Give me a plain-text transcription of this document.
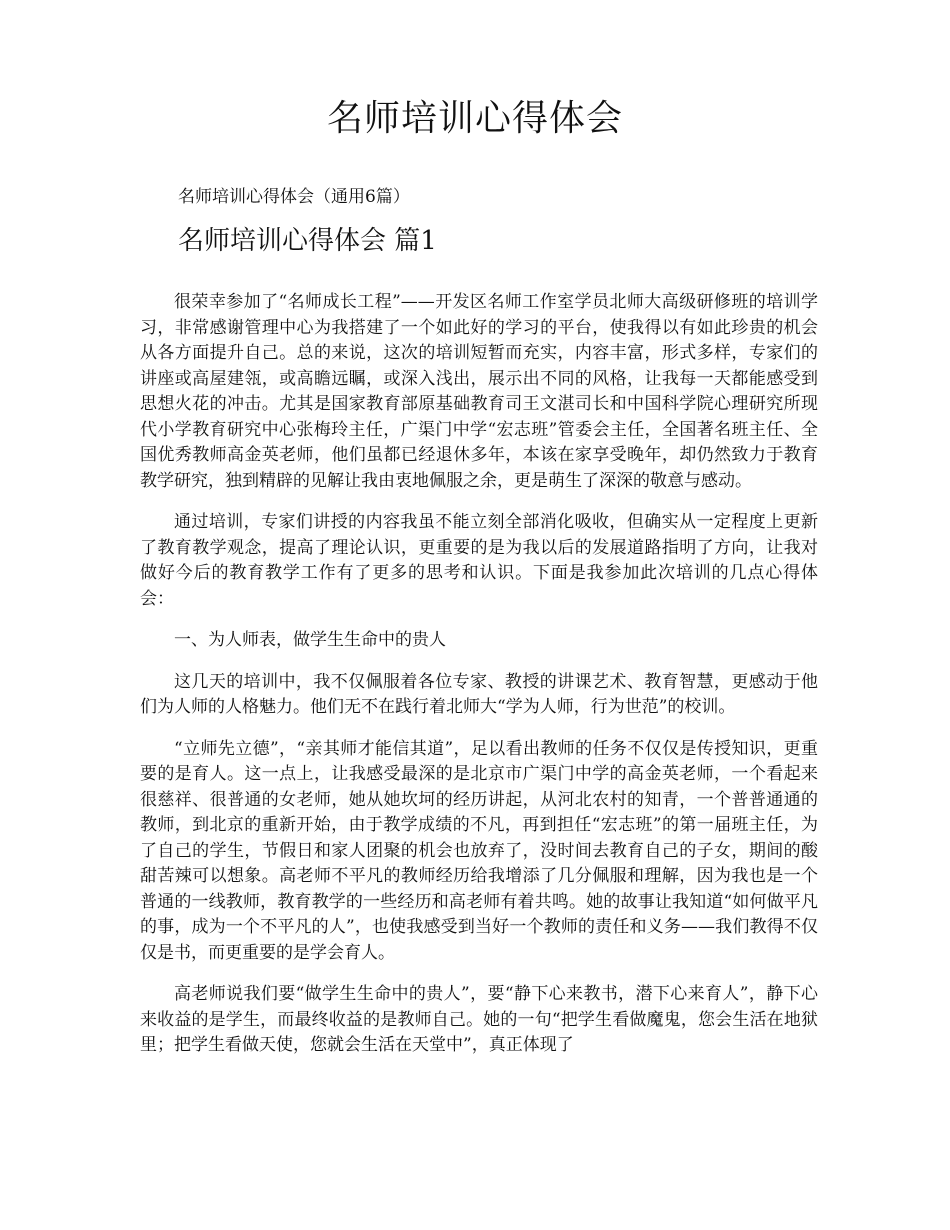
名师培训心得体会

名师培训心得体会（通用6篇）

名师培训心得体会 篇1

很荣幸参加了“名师成长工程”——开发区名师工作室学员北师大高级研修班的培训学习，非常感谢管理中心为我搭建了一个如此好的学习的平台，使我得以有如此珍贵的机会从各方面提升自己。总的来说，这次的培训短暂而充实，内容丰富，形式多样，专家们的讲座或高屋建瓴，或高瞻远瞩，或深入浅出，展示出不同的风格，让我每一天都能感受到思想火花的冲击。尤其是国家教育部原基础教育司王文湛司长和中国科学院心理研究所现代小学教育研究中心张梅玲主任，广渠门中学“宏志班”管委会主任，全国著名班主任、全国优秀教师高金英老师，他们虽都已经退休多年，本该在家享受晚年，却仍然致力于教育教学研究，独到精辟的见解让我由衷地佩服之余，更是萌生了深深的敬意与感动。

通过培训，专家们讲授的内容我虽不能立刻全部消化吸收，但确实从一定程度上更新了教育教学观念，提高了理论认识，更重要的是为我以后的发展道路指明了方向，让我对做好今后的教育教学工作有了更多的思考和认识。下面是我参加此次培训的几点心得体会：

一、为人师表，做学生生命中的贵人

这几天的培训中，我不仅佩服着各位专家、教授的讲课艺术、教育智慧，更感动于他们为人师的人格魅力。他们无不在践行着北师大“学为人师，行为世范”的校训。

“立师先立德”，“亲其师才能信其道”，足以看出教师的任务不仅仅是传授知识，更重要的是育人。这一点上，让我感受最深的是北京市广渠门中学的高金英老师，一个看起来很慈祥、很普通的女老师，她从她坎坷的经历讲起，从河北农村的知青，一个普普通通的教师，到北京的重新开始，由于教学成绩的不凡，再到担任“宏志班”的第一届班主任，为了自己的学生，节假日和家人团聚的机会也放弃了，没时间去教育自己的子女，期间的酸甜苦辣可以想象。高老师不平凡的教师经历给我增添了几分佩服和理解，因为我也是一个普通的一线教师，教育教学的一些经历和高老师有着共鸣。她的故事让我知道“如何做平凡的事，成为一个不平凡的人”，也使我感受到当好一个教师的责任和义务——我们教得不仅仅是书，而更重要的是学会育人。

高老师说我们要“做学生生命中的贵人”，要“静下心来教书，潜下心来育人”，静下心来收益的是学生，而最终收益的是教师自己。她的一句“把学生看做魔鬼，您会生活在地狱里；把学生看做天使，您就会生活在天堂中”，真正体现了
